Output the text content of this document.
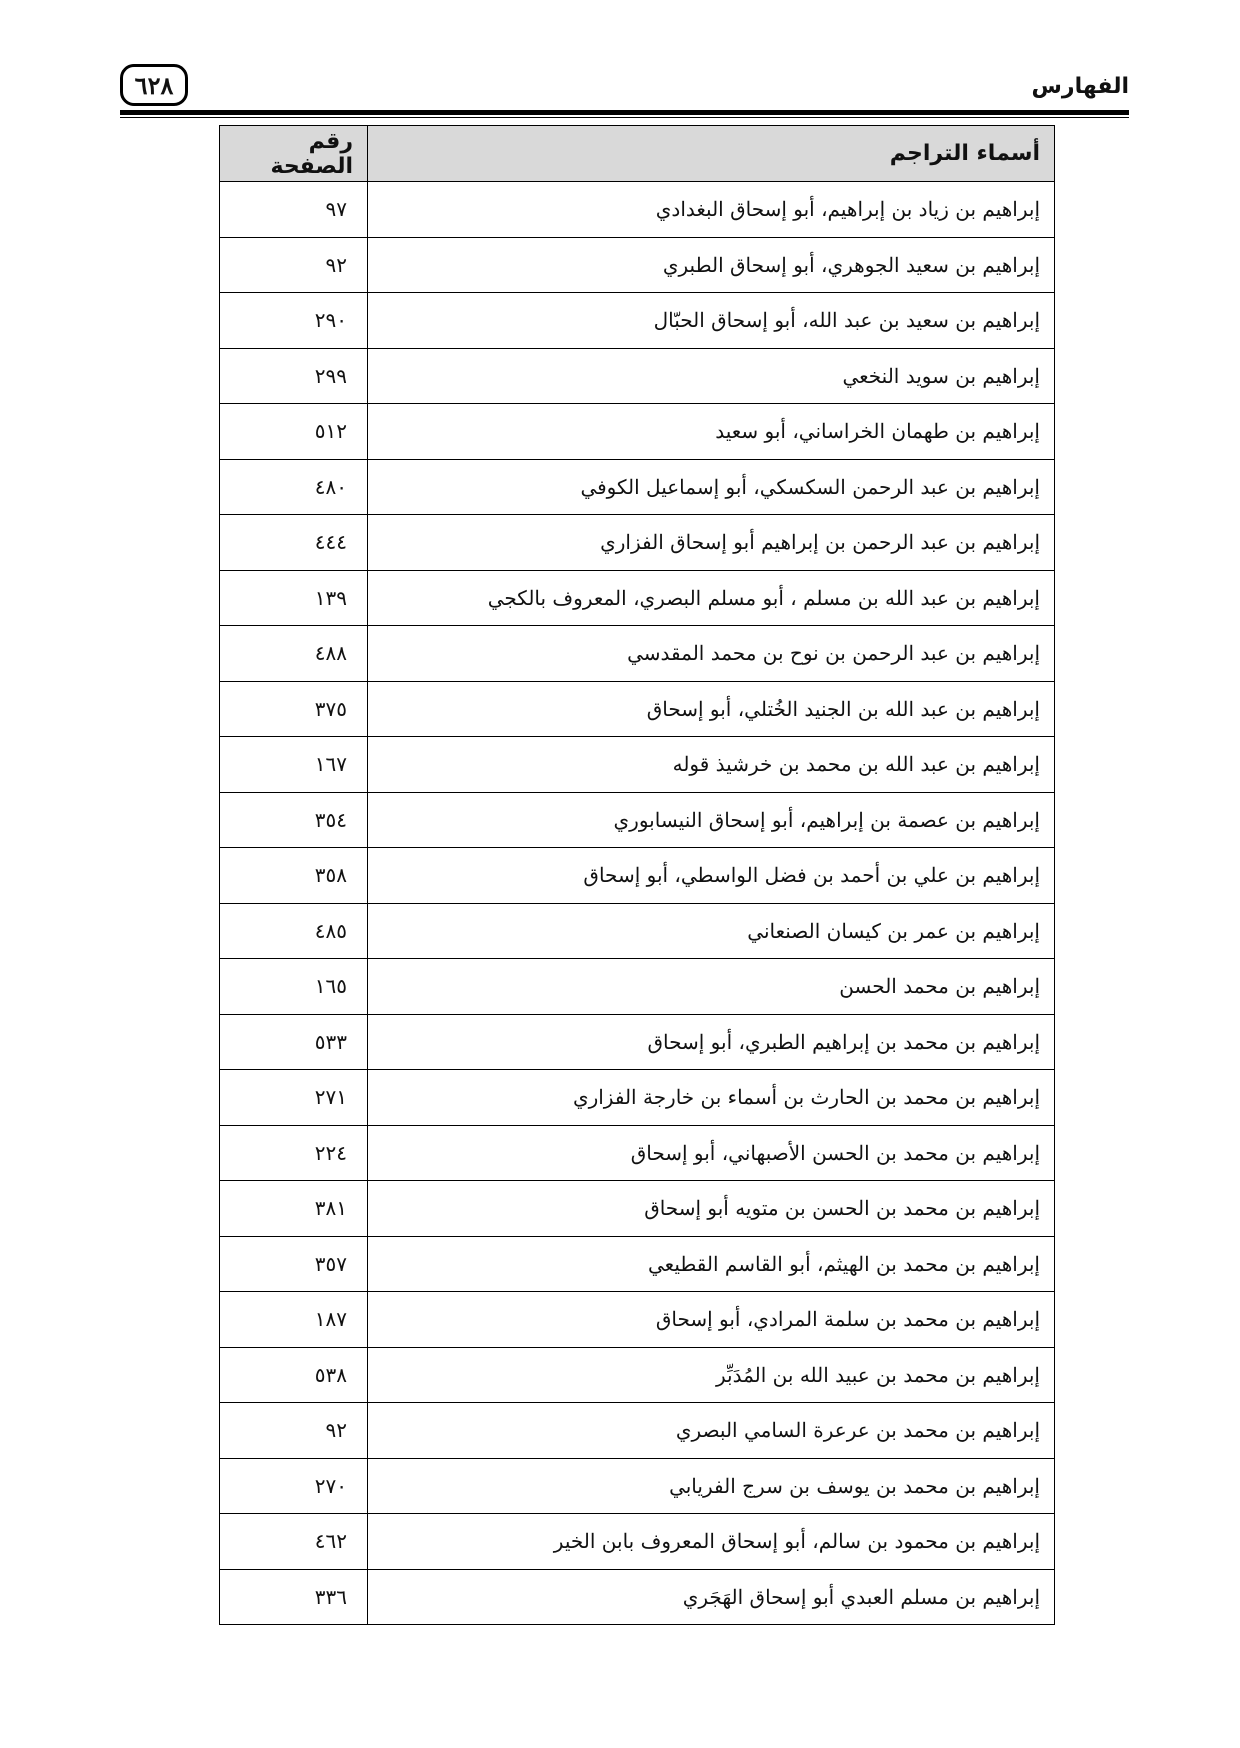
٦٢٨	الفهارس
أسماء التراجم	رقم الصفحة
إبراهيم بن زياد بن إبراهيم، أبو إسحاق البغدادي	٩٧
إبراهيم بن سعيد الجوهري، أبو إسحاق الطبري	٩٢
إبراهيم بن سعيد بن عبد الله، أبو إسحاق الحبّال	٢٩٠
إبراهيم بن سويد النخعي	٢٩٩
إبراهيم بن طهمان الخراساني، أبو سعيد	٥١٢
إبراهيم بن عبد الرحمن السكسكي، أبو إسماعيل الكوفي	٤٨٠
إبراهيم بن عبد الرحمن بن إبراهيم أبو إسحاق الفزاري	٤٤٤
إبراهيم بن عبد الله بن مسلم ، أبو مسلم البصري، المعروف بالكجي	١٣٩
إبراهيم بن عبد الرحمن بن نوح بن محمد المقدسي	٤٨٨
إبراهيم بن عبد الله بن الجنيد الخُتلي، أبو إسحاق	٣٧٥
إبراهيم بن عبد الله بن محمد بن خرشيذ قوله	١٦٧
إبراهيم بن عصمة بن إبراهيم، أبو إسحاق النيسابوري	٣٥٤
إبراهيم بن علي بن أحمد بن فضل الواسطي، أبو إسحاق	٣٥٨
إبراهيم بن عمر بن كيسان الصنعاني	٤٨٥
إبراهيم بن محمد الحسن	١٦٥
إبراهيم بن محمد بن إبراهيم الطبري، أبو إسحاق	٥٣٣
إبراهيم بن محمد بن الحارث بن أسماء بن خارجة الفزاري	٢٧١
إبراهيم بن محمد بن الحسن الأصبهاني، أبو إسحاق	٢٢٤
إبراهيم بن محمد بن الحسن بن متويه أبو إسحاق	٣٨١
إبراهيم بن محمد بن الهيثم، أبو القاسم القطيعي	٣٥٧
إبراهيم بن محمد بن سلمة المرادي، أبو إسحاق	١٨٧
إبراهيم بن محمد بن عبيد الله بن المُدَبِّر	٥٣٨
إبراهيم بن محمد بن عرعرة السامي البصري	٩٢
إبراهيم بن محمد بن يوسف بن سرج الفريابي	٢٧٠
إبراهيم بن محمود بن سالم، أبو إسحاق المعروف بابن الخير	٤٦٢
إبراهيم بن مسلم العبدي أبو إسحاق الهَجَري	٣٣٦
